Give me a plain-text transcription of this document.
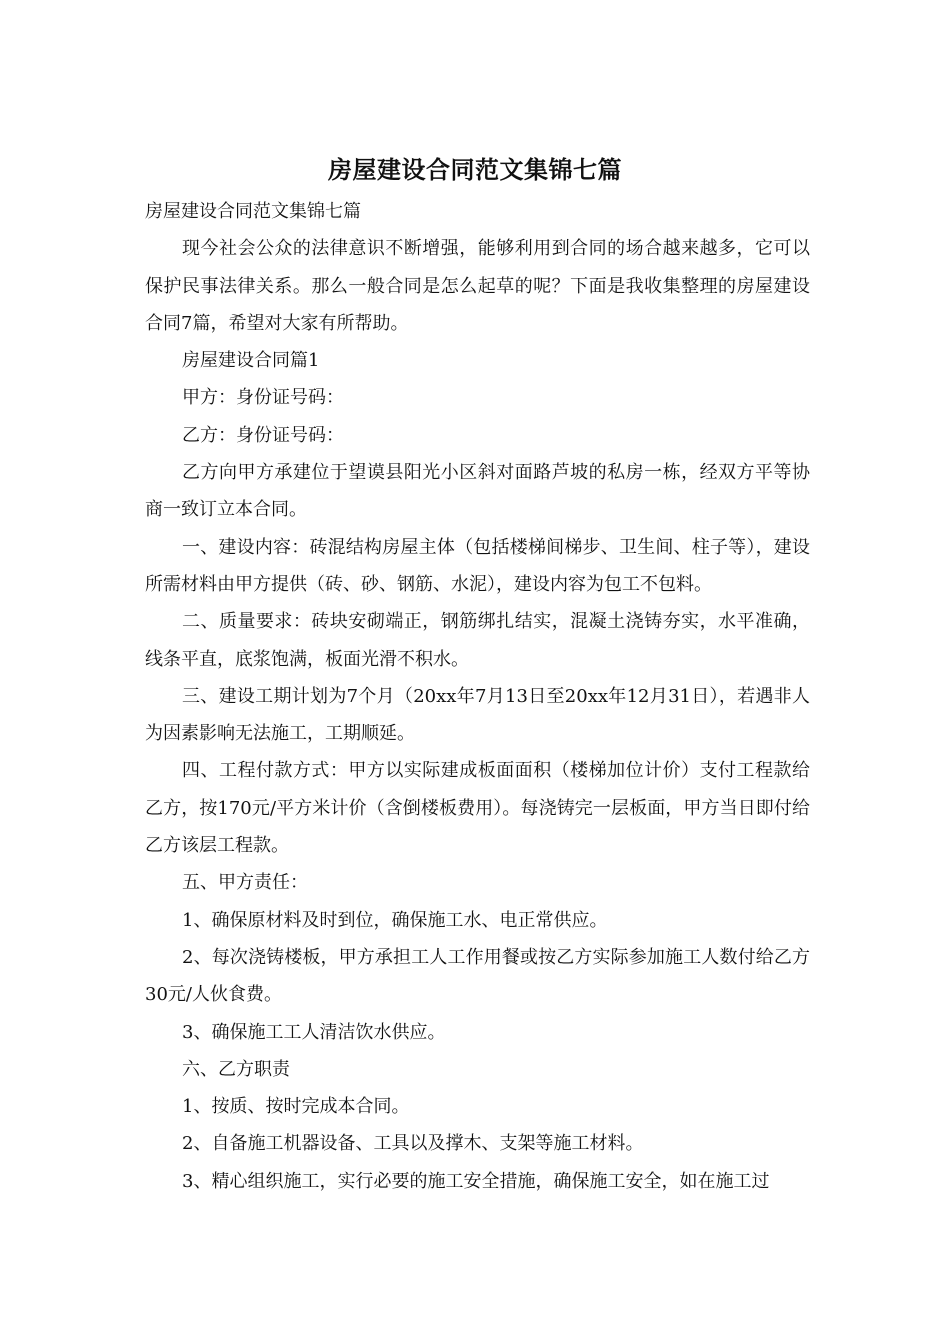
房屋建设合同范文集锦七篇

房屋建设合同范文集锦七篇

现今社会公众的法律意识不断增强，能够利用到合同的场合越来越多，它可以保护民事法律关系。那么一般合同是怎么起草的呢？下面是我收集整理的房屋建设合同7篇，希望对大家有所帮助。

房屋建设合同篇1

甲方：身份证号码：

乙方：身份证号码：

乙方向甲方承建位于望谟县阳光小区斜对面路芦坡的私房一栋，经双方平等协商一致订立本合同。

一、建设内容：砖混结构房屋主体（包括楼梯间梯步、卫生间、柱子等），建设所需材料由甲方提供（砖、砂、钢筋、水泥），建设内容为包工不包料。

二、质量要求：砖块安砌端正，钢筋绑扎结实，混凝土浇铸夯实，水平准确，线条平直，底浆饱满，板面光滑不积水。

三、建设工期计划为7个月（20xx年7月13日至20xx年12月31日），若遇非人为因素影响无法施工，工期顺延。

四、工程付款方式：甲方以实际建成板面面积（楼梯加位计价）支付工程款给乙方，按170元/平方米计价（含倒楼板费用）。每浇铸完一层板面，甲方当日即付给乙方该层工程款。

五、甲方责任：

1、确保原材料及时到位，确保施工水、电正常供应。

2、每次浇铸楼板，甲方承担工人工作用餐或按乙方实际参加施工人数付给乙方30元/人伙食费。

3、确保施工工人清洁饮水供应。

六、乙方职责

1、按质、按时完成本合同。

2、自备施工机器设备、工具以及撑木、支架等施工材料。

3、精心组织施工，实行必要的施工安全措施，确保施工安全，如在施工过
